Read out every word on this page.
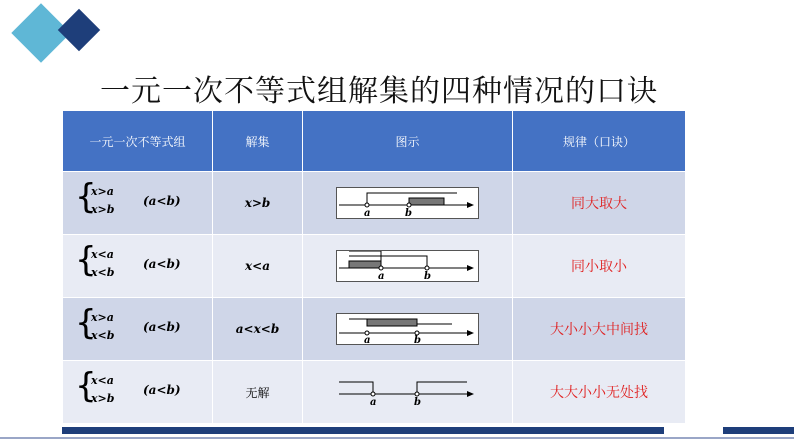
一元一次不等式组解集的四种情况的口诀
一元一次不等式组	解集	图示	规律（口诀）

{
x>a
x>b
(a<b)	x>b	a b	同大取大

{
x<a
x<b
(a<b)	x<a	a b	同小取小

{
x>a
x<b
(a<b)	a<x<b	a b	大小小大中间找

{
x<a
x>b
(a<b)	无解	a b	大大小小无处找
